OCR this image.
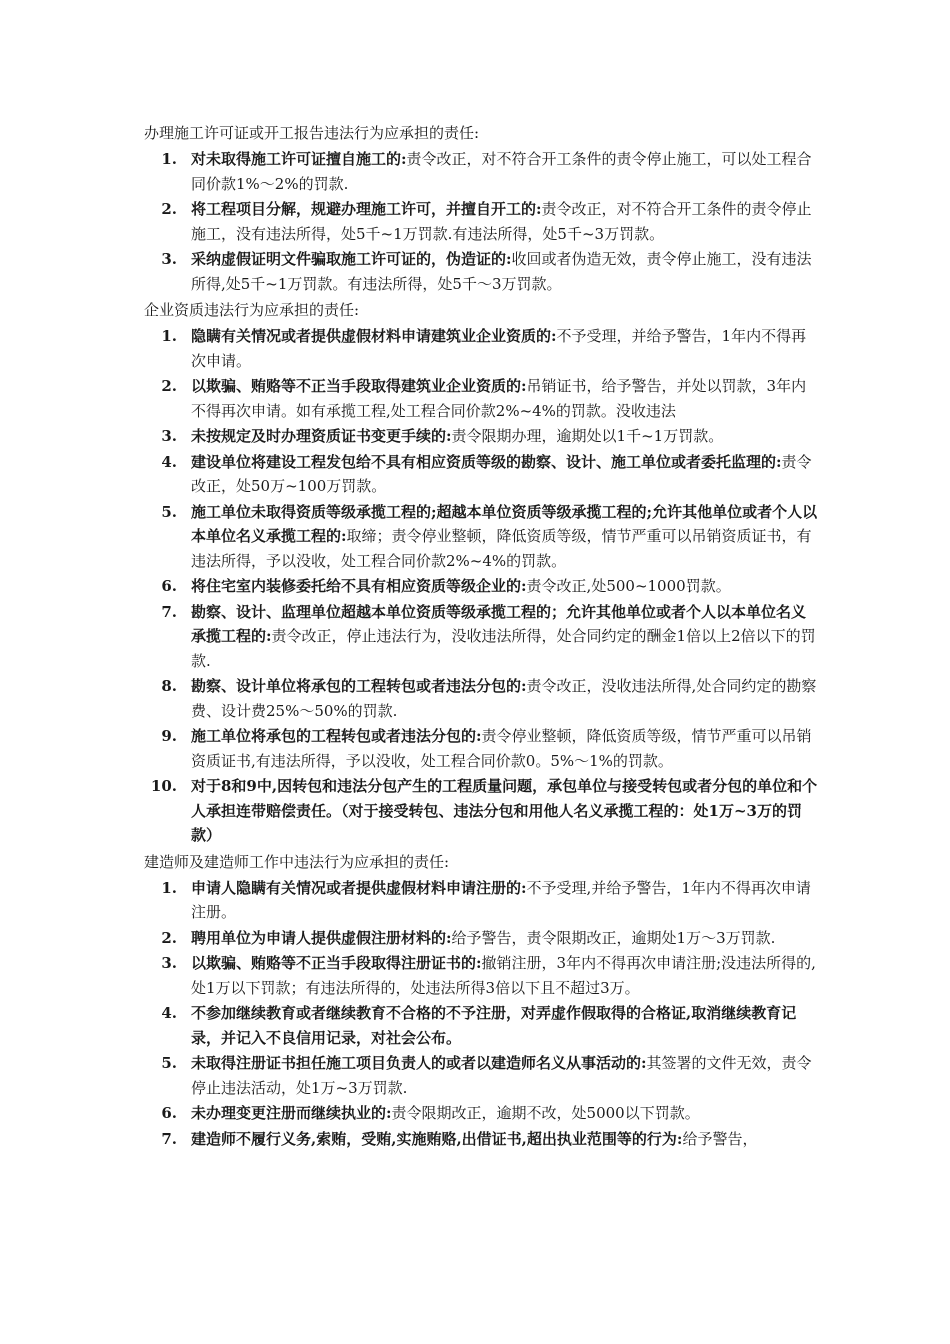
办理施工许可证或开工报告违法行为应承担的责任:
1. 对未取得施工许可证擅自施工的:责令改正，对不符合开工条件的责令停止施工，可以处工程合同价款1%～2%的罚款.
2. 将工程项目分解，规避办理施工许可，并擅自开工的:责令改正，对不符合开工条件的责令停止施工，没有违法所得，处5千~1万罚款.有违法所得，处5千~3万罚款。
3. 采纳虚假证明文件骗取施工许可证的，伪造证的:收回或者伪造无效，责令停止施工，没有违法所得,处5千~1万罚款。有违法所得，处5千～3万罚款。
企业资质违法行为应承担的责任:
1. 隐瞒有关情况或者提供虚假材料申请建筑业企业资质的:不予受理，并给予警告，1年内不得再次申请。
2. 以欺骗、贿赂等不正当手段取得建筑业企业资质的:吊销证书，给予警告，并处以罚款，3年内不得再次申请。如有承揽工程,处工程合同价款2%~4%的罚款。没收违法
3. 未按规定及时办理资质证书变更手续的:责令限期办理，逾期处以1千~1万罚款。
4. 建设单位将建设工程发包给不具有相应资质等级的勘察、设计、施工单位或者委托监理的:责令改正，处50万~100万罚款。
5. 施工单位未取得资质等级承揽工程的;超越本单位资质等级承揽工程的;允许其他单位或者个人以本单位名义承揽工程的:取缔；责令停业整顿，降低资质等级，情节严重可以吊销资质证书，有违法所得，予以没收，处工程合同价款2%~4%的罚款。
6. 将住宅室内装修委托给不具有相应资质等级企业的:责令改正,处500~1000罚款。
7. 勘察、设计、监理单位超越本单位资质等级承揽工程的；允许其他单位或者个人以本单位名义承揽工程的:责令改正，停止违法行为，没收违法所得，处合同约定的酬金1倍以上2倍以下的罚款.
8. 勘察、设计单位将承包的工程转包或者违法分包的:责令改正，没收违法所得,处合同约定的勘察费、设计费25%～50%的罚款.
9. 施工单位将承包的工程转包或者违法分包的:责令停业整顿，降低资质等级，情节严重可以吊销资质证书,有违法所得，予以没收，处工程合同价款0。5%～1%的罚款。
10. 对于8和9中,因转包和违法分包产生的工程质量问题，承包单位与接受转包或者分包的单位和个人承担连带赔偿责任。（对于接受转包、违法分包和用他人名义承揽工程的：处1万~3万的罚款）
建造师及建造师工作中违法行为应承担的责任:
1. 申请人隐瞒有关情况或者提供虚假材料申请注册的:不予受理,并给予警告，1年内不得再次申请注册。
2. 聘用单位为申请人提供虚假注册材料的:给予警告，责令限期改正，逾期处1万～3万罚款.
3. 以欺骗、贿赂等不正当手段取得注册证书的:撤销注册，3年内不得再次申请注册;没违法所得的,处1万以下罚款；有违法所得的，处违法所得3倍以下且不超过3万。
4. 不参加继续教育或者继续教育不合格的不予注册，对弄虚作假取得的合格证,取消继续教育记录，并记入不良信用记录，对社会公布。
5. 未取得注册证书担任施工项目负责人的或者以建造师名义从事活动的:其签署的文件无效，责令停止违法活动，处1万~3万罚款.
6. 未办理变更注册而继续执业的:责令限期改正，逾期不改，处5000以下罚款。
7. 建造师不履行义务,索贿，受贿,实施贿赂,出借证书,超出执业范围等的行为:给予警告，
